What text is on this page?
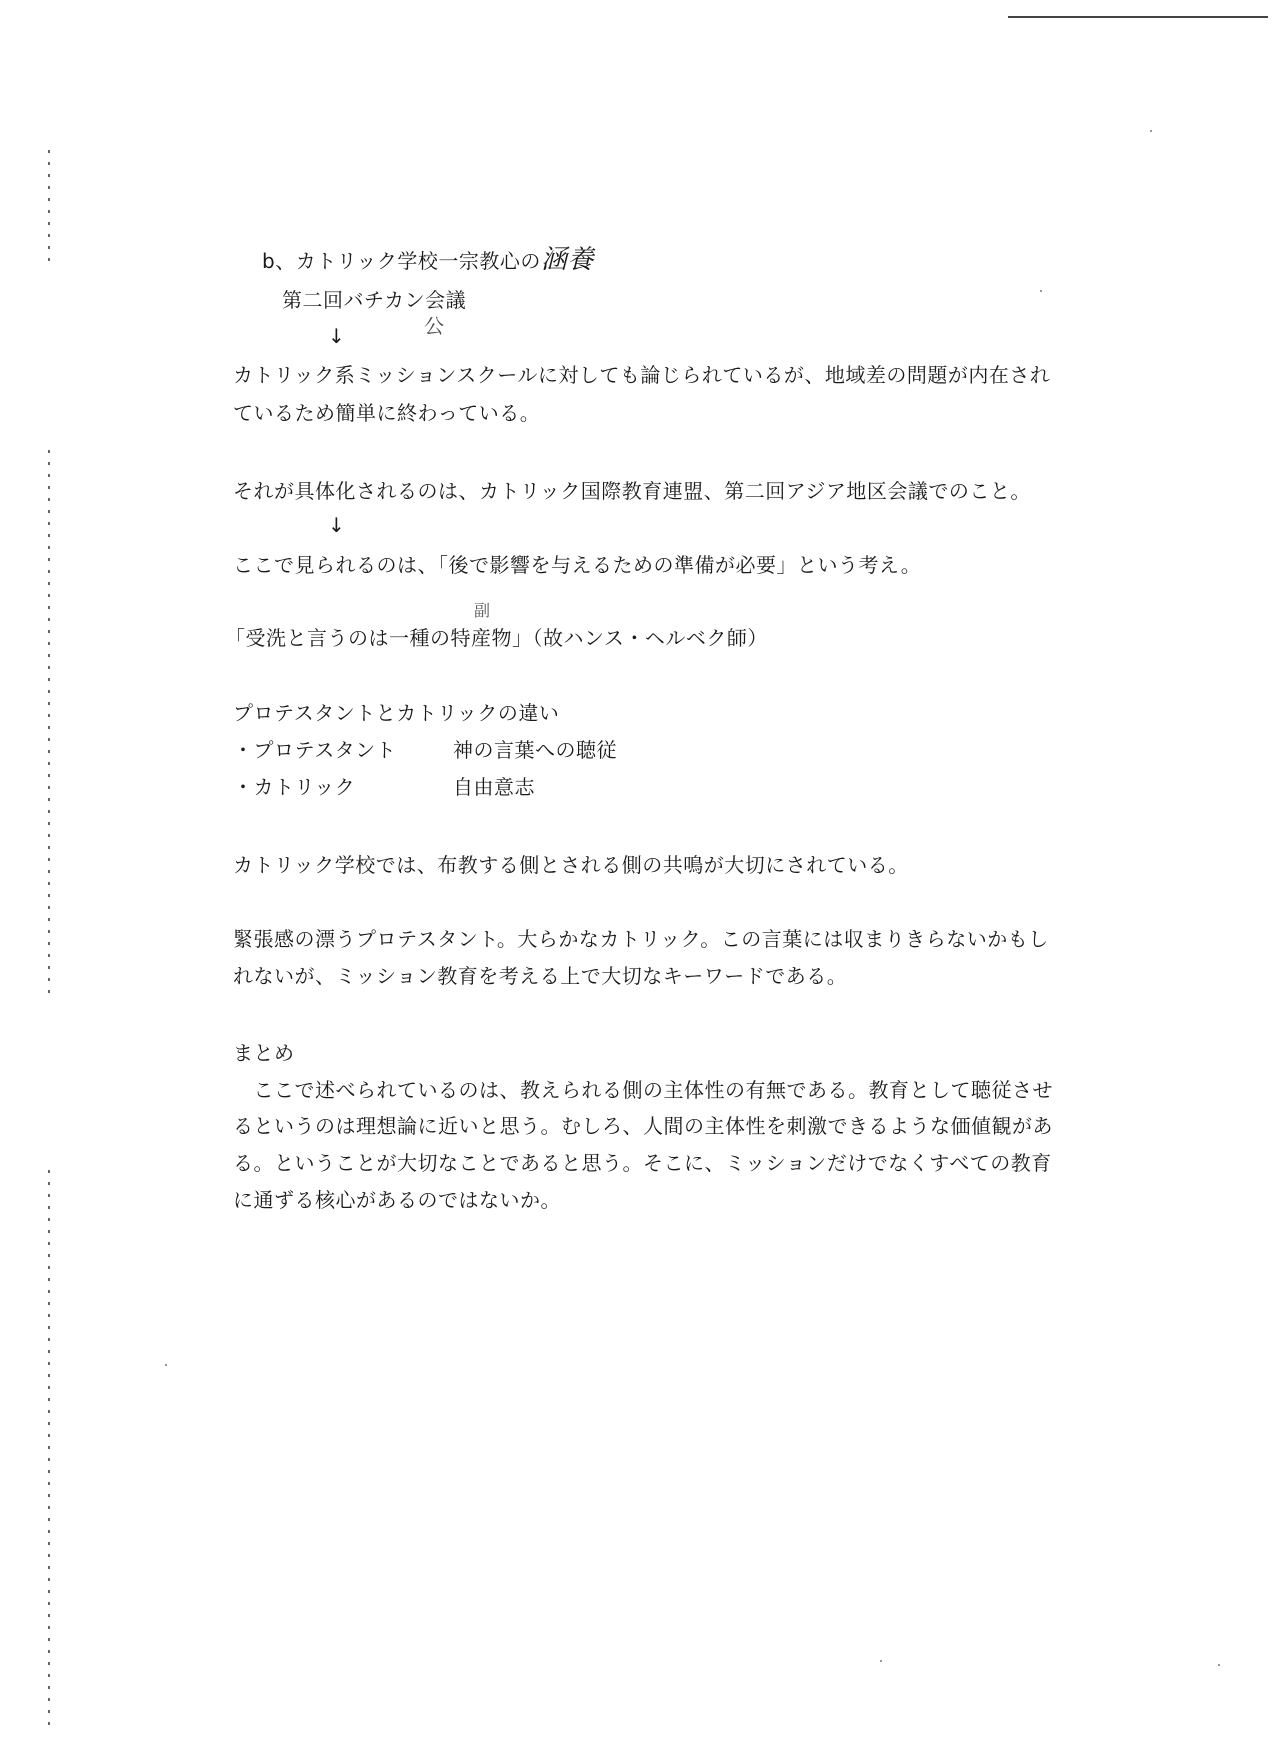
b、カトリック学校一宗教心の涵養
第二回バチカン会議
公
↓
カトリック系ミッションスクールに対しても論じられているが、地域差の問題が内在され
ているため簡単に終わっている。
それが具体化されるのは、カトリック国際教育連盟、第二回アジア地区会議でのこと。
↓
ここで見られるのは、「後で影響を与えるための準備が必要」という考え。
副
「受洗と言うのは一種の特産物」（故ハンス・ヘルベク師）
プロテスタントとカトリックの違い
・プロテスタント	神の言葉への聴従
・カトリック	自由意志
カトリック学校では、布教する側とされる側の共鳴が大切にされている。
緊張感の漂うプロテスタント。大らかなカトリック。この言葉には収まりきらないかもし
れないが、ミッション教育を考える上で大切なキーワードである。
まとめ
　ここで述べられているのは、教えられる側の主体性の有無である。教育として聴従させ
るというのは理想論に近いと思う。むしろ、人間の主体性を刺激できるような価値観があ
る。ということが大切なことであると思う。そこに、ミッションだけでなくすべての教育
に通ずる核心があるのではないか。
